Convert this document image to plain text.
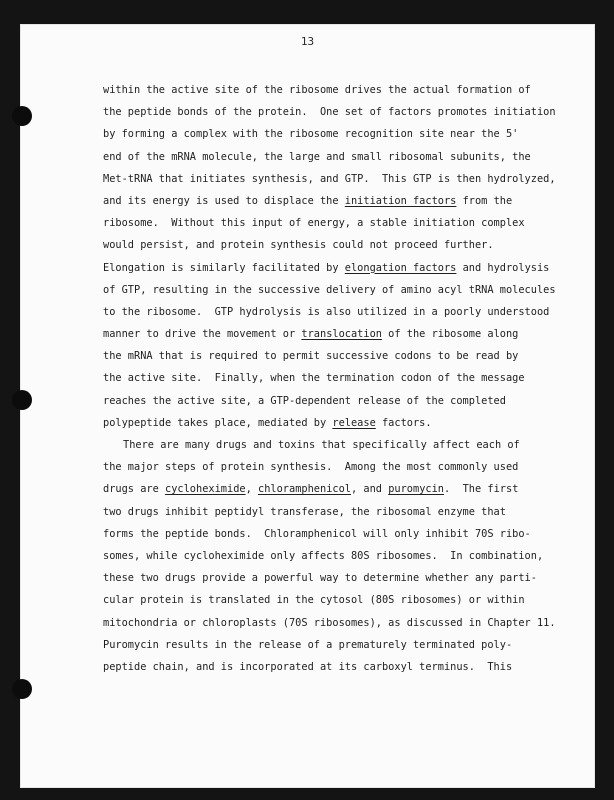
13
within the active site of the ribosome drives the actual formation of
the peptide bonds of the protein.  One set of factors promotes initiation
by forming a complex with the ribosome recognition site near the 5'
end of the mRNA molecule, the large and small ribosomal subunits, the
Met-tRNA that initiates synthesis, and GTP.  This GTP is then hydrolyzed,
and its energy is used to displace the initiation factors from the
ribosome.  Without this input of energy, a stable initiation complex
would persist, and protein synthesis could not proceed further.
Elongation is similarly facilitated by elongation factors and hydrolysis
of GTP, resulting in the successive delivery of amino acyl tRNA molecules
to the ribosome.  GTP hydrolysis is also utilized in a poorly understood
manner to drive the movement or translocation of the ribosome along
the mRNA that is required to permit successive codons to be read by
the active site.  Finally, when the termination codon of the message
reaches the active site, a GTP-dependent release of the completed
polypeptide takes place, mediated by release factors.
There are many drugs and toxins that specifically affect each of
the major steps of protein synthesis.  Among the most commonly used
drugs are cycloheximide, chloramphenicol, and puromycin.  The first
two drugs inhibit peptidyl transferase, the ribosomal enzyme that
forms the peptide bonds.  Chloramphenicol will only inhibit 70S ribo-
somes, while cycloheximide only affects 80S ribosomes.  In combination,
these two drugs provide a powerful way to determine whether any parti-
cular protein is translated in the cytosol (80S ribosomes) or within
mitochondria or chloroplasts (70S ribosomes), as discussed in Chapter 11.
Puromycin results in the release of a prematurely terminated poly-
peptide chain, and is incorporated at its carboxyl terminus.  This
